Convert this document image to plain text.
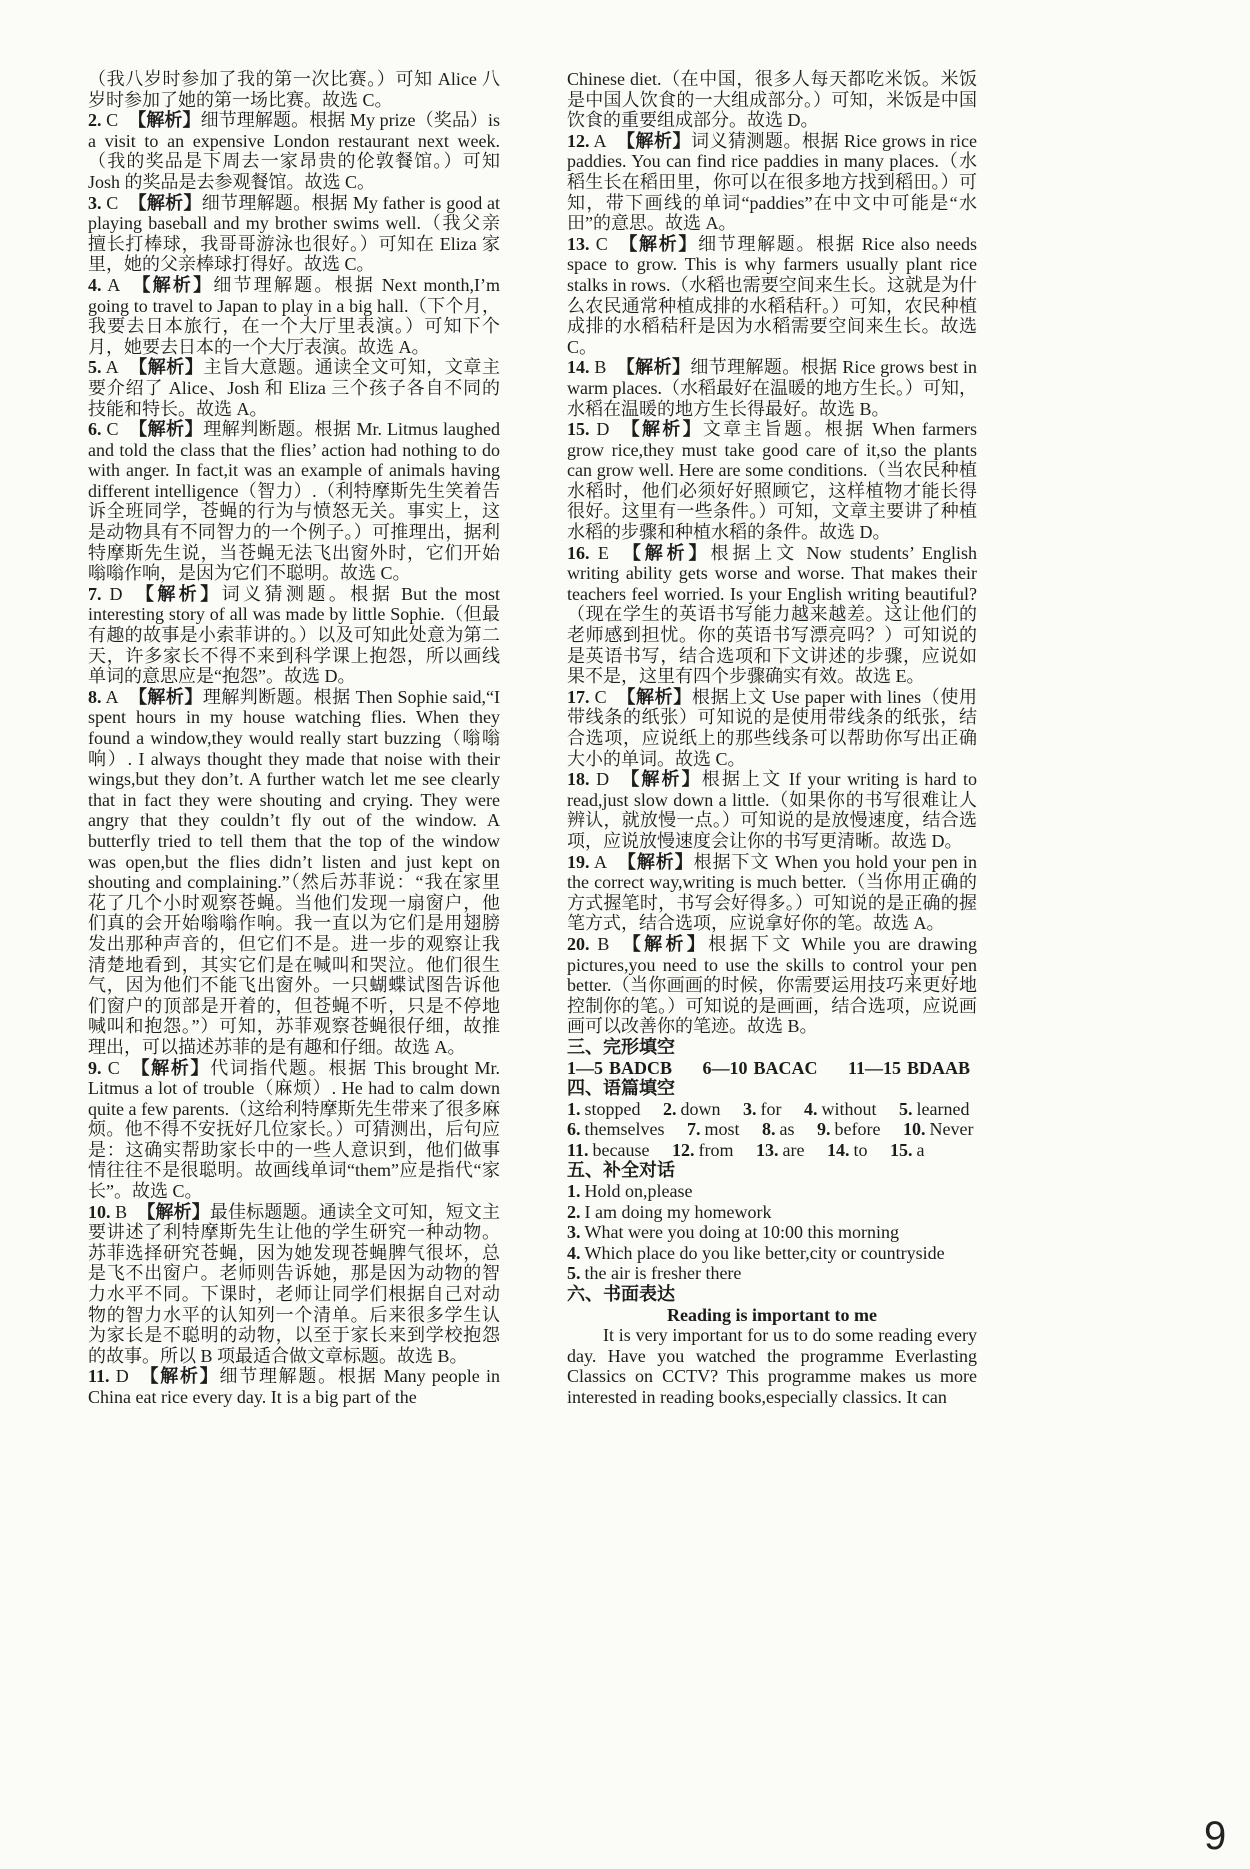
（我八岁时参加了我的第一次比赛。）可知 Alice 八岁时参加了她的第一场比赛。故选 C。

2. C 【解析】细节理解题。根据 My prize（奖品）is a visit to an expensive London restaurant next week.（我的奖品是下周去一家昂贵的伦敦餐馆。）可知 Josh 的奖品是去参观餐馆。故选 C。

3. C 【解析】细节理解题。根据 My father is good at playing baseball and my brother swims well.（我父亲擅长打棒球，我哥哥游泳也很好。）可知在 Eliza 家里，她的父亲棒球打得好。故选 C。

4. A 【解析】细节理解题。根据 Next month,I’m going to travel to Japan to play in a big hall.（下个月，我要去日本旅行，在一个大厅里表演。）可知下个月，她要去日本的一个大厅表演。故选 A。

5. A 【解析】主旨大意题。通读全文可知，文章主要介绍了 Alice、Josh 和 Eliza 三个孩子各自不同的技能和特长。故选 A。

6. C 【解析】理解判断题。根据 Mr. Litmus laughed and told the class that the flies’ action had nothing to do with anger. In fact,it was an example of animals having different intelligence（智力）.（利特摩斯先生笑着告诉全班同学，苍蝇的行为与愤怒无关。事实上，这是动物具有不同智力的一个例子。）可推理出，据利特摩斯先生说，当苍蝇无法飞出窗外时，它们开始嗡嗡作响，是因为它们不聪明。故选 C。

7. D 【解析】词义猜测题。根据 But the most interesting story of all was made by little Sophie.（但最有趣的故事是小索菲讲的。）以及可知此处意为第二天，许多家长不得不来到科学课上抱怨，所以画线单词的意思应是“抱怨”。故选 D。

8. A 【解析】理解判断题。根据 Then Sophie said,“I spent hours in my house watching flies. When they found a window,they would really start buzzing（嗡嗡响）. I always thought they made that noise with their wings,but they don’t. A further watch let me see clearly that in fact they were shouting and crying. They were angry that they couldn’t fly out of the window. A butterfly tried to tell them that the top of the window was open,but the flies didn’t listen and just kept on shouting and complaining.”（然后苏菲说：“我在家里花了几个小时观察苍蝇。当他们发现一扇窗户，他们真的会开始嗡嗡作响。我一直以为它们是用翅膀发出那种声音的，但它们不是。进一步的观察让我清楚地看到，其实它们是在喊叫和哭泣。他们很生气，因为他们不能飞出窗外。一只蝴蝶试图告诉他们窗户的顶部是开着的，但苍蝇不听，只是不停地喊叫和抱怨。”）可知，苏菲观察苍蝇很仔细，故推理出，可以描述苏菲的是有趣和仔细。故选 A。

9. C 【解析】代词指代题。根据 This brought Mr. Litmus a lot of trouble（麻烦）. He had to calm down quite a few parents.（这给利特摩斯先生带来了很多麻烦。他不得不安抚好几位家长。）可猜测出，后句应是：这确实帮助家长中的一些人意识到，他们做事情往往不是很聪明。故画线单词“them”应是指代“家长”。故选 C。

10. B 【解析】最佳标题题。通读全文可知，短文主要讲述了利特摩斯先生让他的学生研究一种动物。苏菲选择研究苍蝇，因为她发现苍蝇脾气很坏，总是飞不出窗户。老师则告诉她，那是因为动物的智力水平不同。下课时，老师让同学们根据自己对动物的智力水平的认知列一个清单。后来很多学生认为家长是不聪明的动物，以至于家长来到学校抱怨的故事。所以 B 项最适合做文章标题。故选 B。

11. D 【解析】细节理解题。根据 Many people in China eat rice every day. It is a big part of the

Chinese diet.（在中国，很多人每天都吃米饭。米饭是中国人饮食的一大组成部分。）可知，米饭是中国饮食的重要组成部分。故选 D。

12. A 【解析】词义猜测题。根据 Rice grows in rice paddies. You can find rice paddies in many places.（水稻生长在稻田里，你可以在很多地方找到稻田。）可知，带下画线的单词“paddies”在中文中可能是“水田”的意思。故选 A。

13. C 【解析】细节理解题。根据 Rice also needs space to grow. This is why farmers usually plant rice stalks in rows.（水稻也需要空间来生长。这就是为什么农民通常种植成排的水稻秸秆。）可知，农民种植成排的水稻秸秆是因为水稻需要空间来生长。故选 C。

14. B 【解析】细节理解题。根据 Rice grows best in warm places.（水稻最好在温暖的地方生长。）可知，水稻在温暖的地方生长得最好。故选 B。

15. D 【解析】文章主旨题。根据 When farmers grow rice,they must take good care of it,so the plants can grow well. Here are some conditions.（当农民种植水稻时，他们必须好好照顾它，这样植物才能长得很好。这里有一些条件。）可知，文章主要讲了种植水稻的步骤和种植水稻的条件。故选 D。

16. E 【解析】根据上文 Now students’ English writing ability gets worse and worse. That makes their teachers feel worried. Is your English writing beautiful?（现在学生的英语书写能力越来越差。这让他们的老师感到担忧。你的英语书写漂亮吗？）可知说的是英语书写，结合选项和下文讲述的步骤，应说如果不是，这里有四个步骤确实有效。故选 E。

17. C 【解析】根据上文 Use paper with lines（使用带线条的纸张）可知说的是使用带线条的纸张，结合选项，应说纸上的那些线条可以帮助你写出正确大小的单词。故选 C。

18. D 【解析】根据上文 If your writing is hard to read,just slow down a little.（如果你的书写很难让人辨认，就放慢一点。）可知说的是放慢速度，结合选项，应说放慢速度会让你的书写更清晰。故选 D。

19. A 【解析】根据下文 When you hold your pen in the correct way,writing is much better.（当你用正确的方式握笔时，书写会好得多。）可知说的是正确的握笔方式，结合选项，应说拿好你的笔。故选 A。

20. B 【解析】根据下文 While you are drawing pictures,you need to use the skills to control your pen better.（当你画画的时候，你需要运用技巧来更好地控制你的笔。）可知说的是画画，结合选项，应说画画可以改善你的笔迹。故选 B。

三、完形填空
1—5 BADCB 6—10 BACAC 11—15 BDAAB
四、语篇填空
1. stopped 2. down 3. for 4. without 5. learned
6. themselves 7. most 8. as 9. before 10. Never
11. because 12. from 13. are 14. to 15. a
五、补全对话
1. Hold on,please
2. I am doing my homework
3. What were you doing at 10:00 this morning
4. Which place do you like better,city or countryside
5. the air is fresher there
六、书面表达
Reading is important to me

It is very important for us to do some reading every day. Have you watched the programme Everlasting Classics on CCTV? This programme makes us more interested in reading books,especially classics. It can

9
